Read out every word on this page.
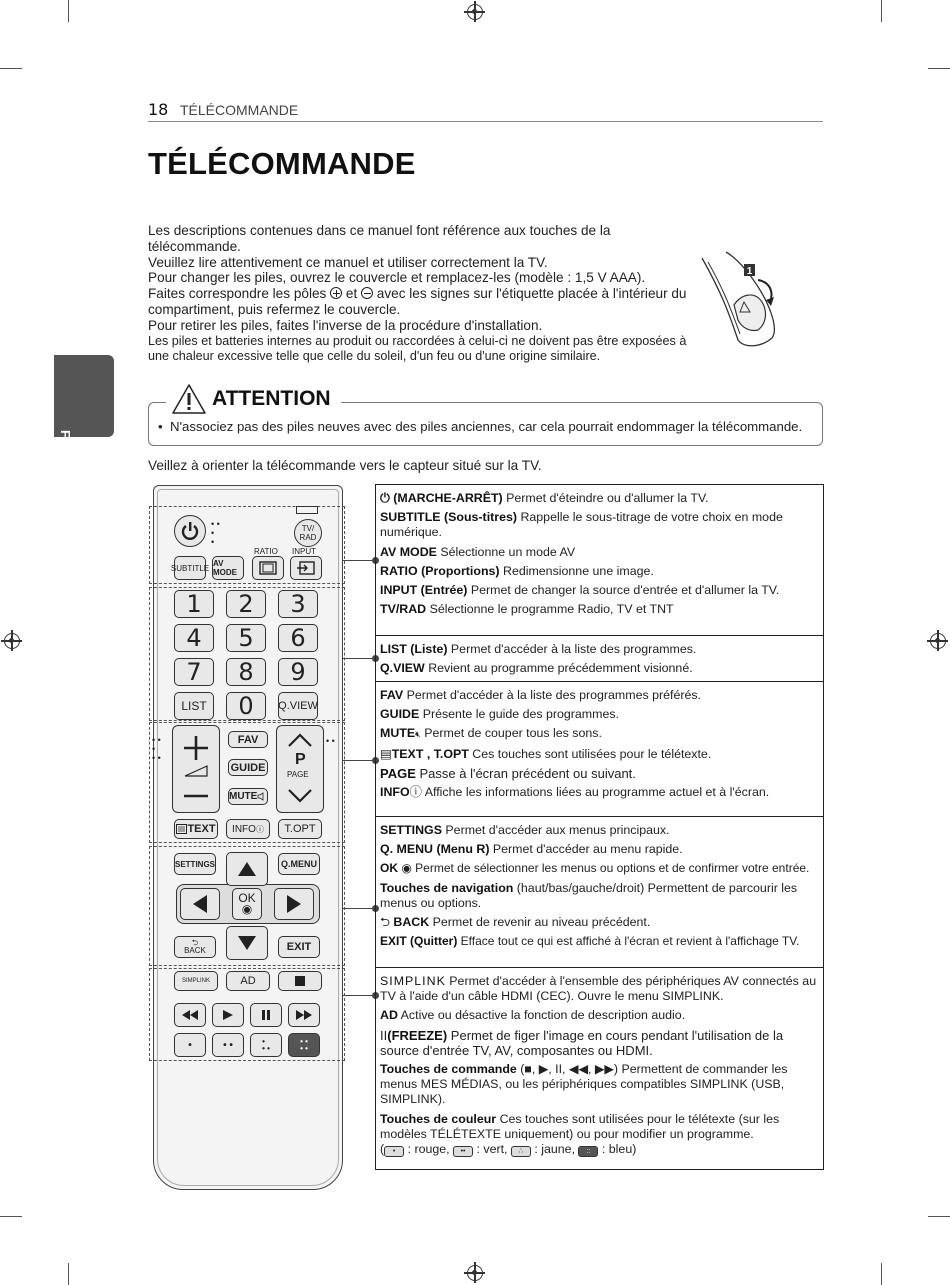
18 TÉLÉCOMMANDE
TÉLÉCOMMANDE
FRANÇAIS

Les descriptions contenues dans ce manuel font référence aux touches de la télécommande.

Veuillez lire attentivement ce manuel et utiliser correctement la TV.

Pour changer les piles, ouvrez le couvercle et remplacez-les (modèle : 1,5 V AAA).

Faites correspondre les pôles  et  avec les signes sur l'étiquette placée à l'intérieur du compartiment, puis refermez le couvercle.

Pour retirer les piles, faites l'inverse de la procédure d'installation.

Les piles et batteries internes au produit ou raccordées à celui-ci ne doivent pas être exposées à une chaleur excessive telle que celle du soleil, d'un feu ou d'une origine similaire.

1
ATTENTION
•  N'associez pas des piles neuves avec des piles anciennes, car cela pourrait endommager la télécommande.
Veillez à orienter la télécommande vers le capteur situé sur la TV.
• •
•
•
TV/
RAD
RATIO INPUT
SUBTITLE AV MODE
1	2	3
4	5	6
7	8	9
LIST	0	Q.VIEW
• •
•
• •
FAV
GUIDE
MUTE
P
PAGE
• •
TEXT INFO ⓘ	T.OPT
SETTINGS	Q.MENU
OK
◉
⮌
BACK	EXIT
SIMPLINK	AD
•	• •	•
• •
• •
• •
⏻ (MARCHE-ARRÊT) Permet d'éteindre ou d'allumer la TV.
SUBTITLE (Sous-titres) Rappelle le sous-titrage de votre choix en mode numérique.
AV MODE Sélectionne un mode AV
RATIO (Proportions) Redimensionne une image.
INPUT (Entrée) Permet de changer la source d'entrée et d'allumer la TV.
TV/RAD Sélectionne le programme Radio, TV et TNT
LIST (Liste) Permet d'accéder à la liste des programmes.
Q.VIEW Revient au programme précédemment visionné.
FAV Permet d'accéder à la liste des programmes préférés.
GUIDE Présente le guide des programmes.
MUTE🔇︎ Permet de couper tous les sons.
▤TEXT , T.OPT Ces touches sont utilisées pour le télétexte.
PAGE Passe à l'écran précédent ou suivant.
INFOⓘ Affiche les informations liées au programme actuel et à l'écran.
SETTINGS Permet d'accéder aux menus principaux.
Q. MENU (Menu R) Permet d'accéder au menu rapide.
OK ◉ Permet de sélectionner les menus ou options et de confirmer votre entrée.
Touches de navigation (haut/bas/gauche/droit) Permettent de parcourir les menus ou options.
⮌ BACK Permet de revenir au niveau précédent.
EXIT (Quitter) Efface tout ce qui est affiché à l'écran et revient à l'affichage TV.
SIMPLINK Permet d'accéder à l'ensemble des périphériques AV connectés au TV à l'aide d'un câble HDMI (CEC). Ouvre le menu SIMPLINK.
AD Active ou désactive la fonction de description audio.
II(FREEZE) Permet de figer l'image en cours pendant l'utilisation de la source d'entrée TV, AV, composantes ou HDMI.
Touches de commande (■, ▶, II, ◀◀, ▶▶) Permettent de commander les menus MES MÉDIAS, ou les périphériques compatibles SIMPLINK (USB, SIMPLINK).
Touches de couleur Ces touches sont utilisées pour le télétexte (sur les modèles TÉLÉTEXTE uniquement) ou pour modifier un programme.
( • : rouge, •• : vert, ∴ : jaune, :: : bleu)
